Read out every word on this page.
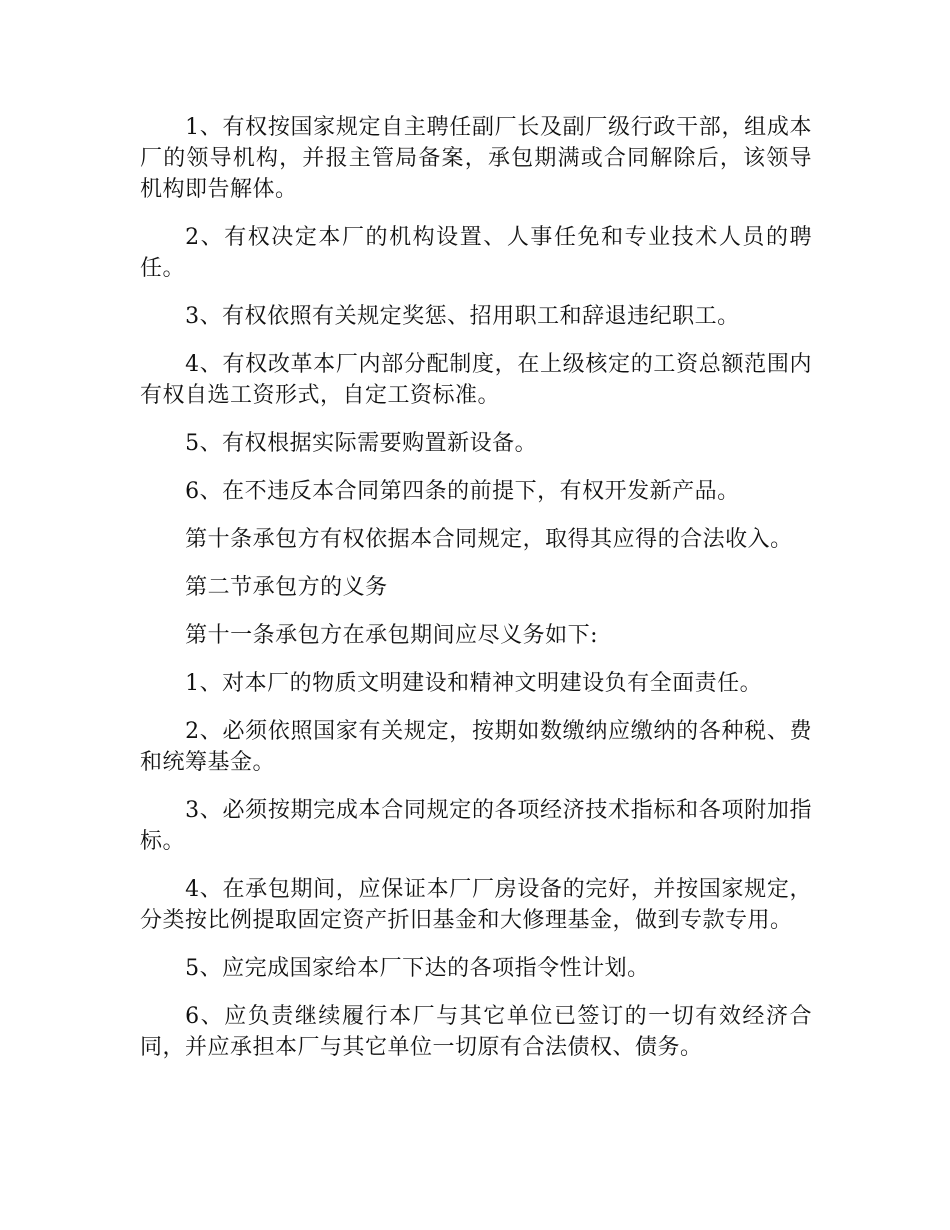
1、有权按国家规定自主聘任副厂长及副厂级行政干部，组成本厂的领导机构，并报主管局备案，承包期满或合同解除后，该领导机构即告解体。

2、有权决定本厂的机构设置、人事任免和专业技术人员的聘任。

3、有权依照有关规定奖惩、招用职工和辞退违纪职工。

4、有权改革本厂内部分配制度，在上级核定的工资总额范围内有权自选工资形式，自定工资标准。

5、有权根据实际需要购置新设备。

6、在不违反本合同第四条的前提下，有权开发新产品。

第十条承包方有权依据本合同规定，取得其应得的合法收入。

第二节承包方的义务

第十一条承包方在承包期间应尽义务如下:

1、对本厂的物质文明建设和精神文明建设负有全面责任。

2、必须依照国家有关规定，按期如数缴纳应缴纳的各种税、费和统筹基金。

3、必须按期完成本合同规定的各项经济技术指标和各项附加指标。

4、在承包期间，应保证本厂厂房设备的完好，并按国家规定，分类按比例提取固定资产折旧基金和大修理基金，做到专款专用。

5、应完成国家给本厂下达的各项指令性计划。

6、应负责继续履行本厂与其它单位已签订的一切有效经济合同，并应承担本厂与其它单位一切原有合法债权、债务。
